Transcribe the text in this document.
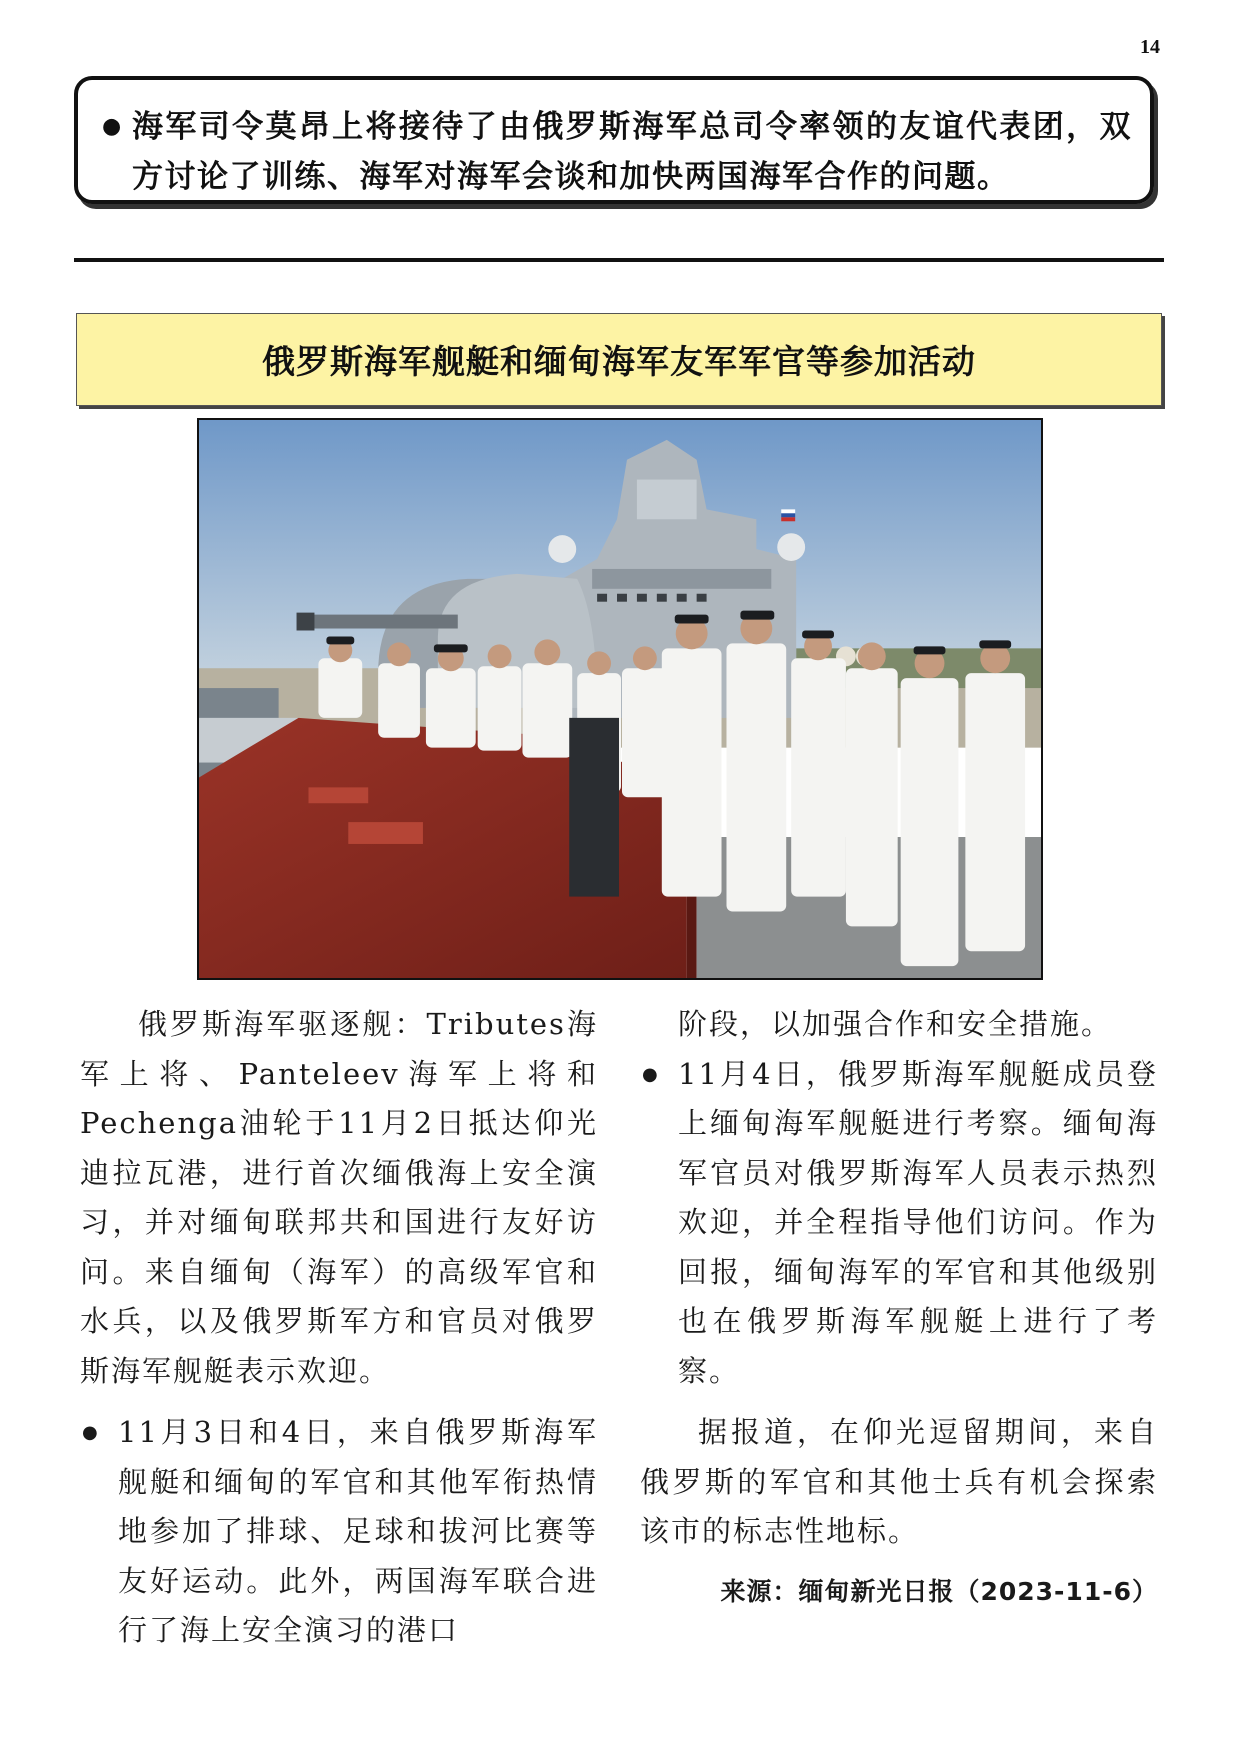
14
● 海军司令莫昂上将接待了由俄罗斯海军总司令率领的友谊代表团，双方讨论了训练、海军对海军会谈和加快两国海军合作的问题。
俄罗斯海军舰艇和缅甸海军友军军官等参加活动

俄罗斯海军驱逐舰：Tributes海军上将、Panteleev海军上将和Pechenga油轮于11月2日抵达仰光迪拉瓦港，进行首次缅俄海上安全演习，并对缅甸联邦共和国进行友好访问。来自缅甸（海军）的高级军官和水兵，以及俄罗斯军方和官员对俄罗斯海军舰艇表示欢迎。

● 11月3日和4日，来自俄罗斯海军舰艇和缅甸的军官和其他军衔热情地参加了排球、足球和拔河比赛等友好运动。此外，两国海军联合进行了海上安全演习的港口
阶段，以加强合作和安全措施。
● 11月4日，俄罗斯海军舰艇成员登上缅甸海军舰艇进行考察。缅甸海军官员对俄罗斯海军人员表示热烈欢迎，并全程指导他们访问。作为回报，缅甸海军的军官和其他级别也在俄罗斯海军舰艇上进行了考察。

据报道，在仰光逗留期间，来自俄罗斯的军官和其他士兵有机会探索该市的标志性地标。

来源：缅甸新光日报（2023-11-6）
